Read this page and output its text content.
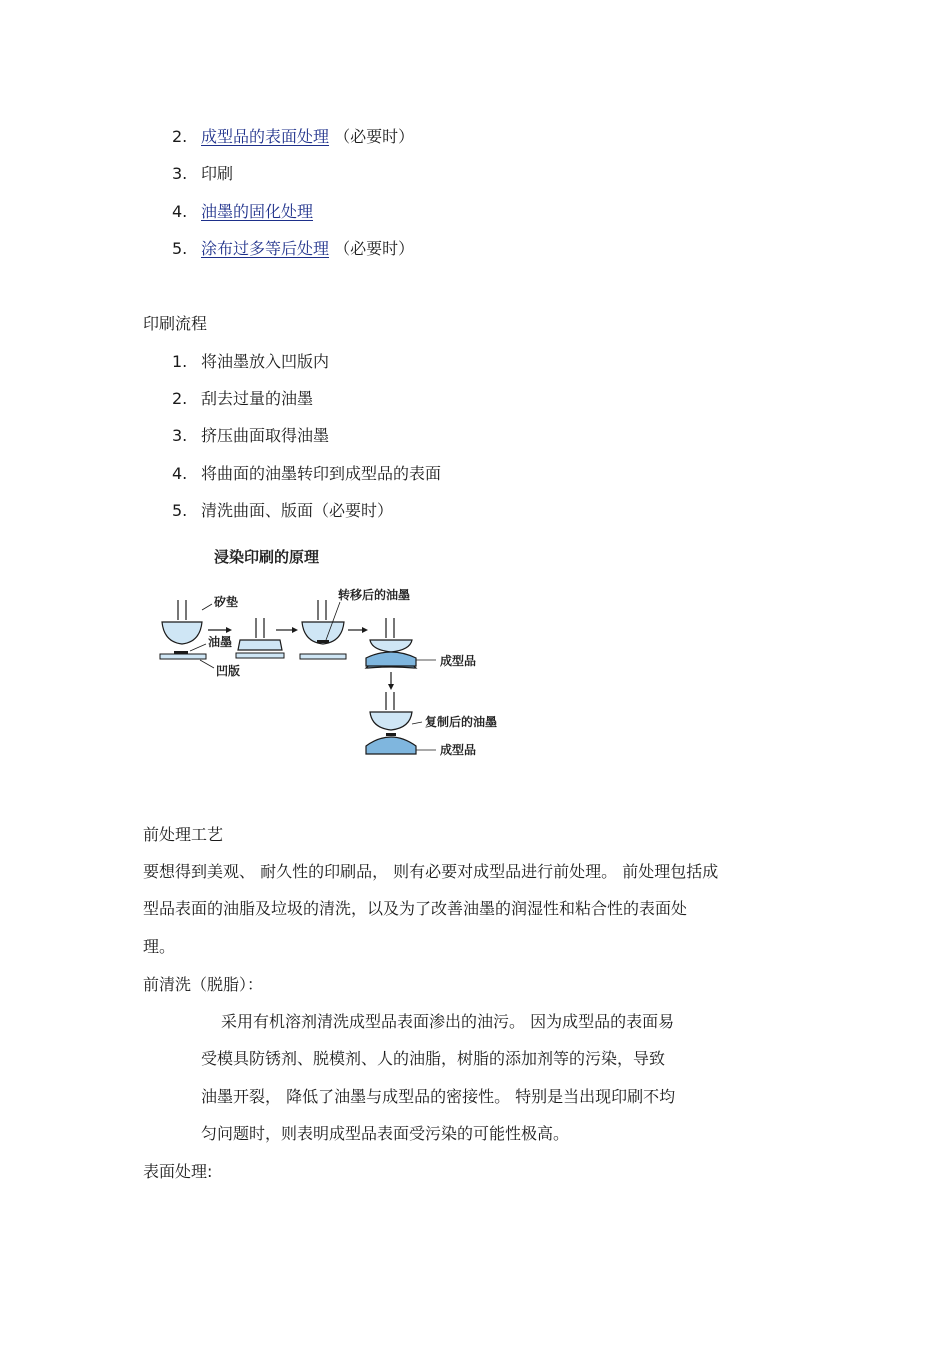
2. 成型品的表面处理 （必要时）
3. 印刷
4. 油墨的固化处理
5. 涂布过多等后处理 （必要时）
印刷流程
1. 将油墨放入凹版内
2. 刮去过量的油墨
3. 挤压曲面取得油墨
4. 将曲面的油墨转印到成型品的表面
5. 清洗曲面、版面（必要时）
浸染印刷的原理
矽垫
油墨
凹版
转移后的油墨
成型品
复制后的油墨
成型品
前处理工艺
要想得到美观、 耐久性的印刷品， 则有必要对成型品进行前处理。 前处理包括成
型品表面的油脂及垃圾的清洗，以及为了改善油墨的润湿性和粘合性的表面处
理。
前清洗（脱脂）：
采用有机溶剂清洗成型品表面渗出的油污。 因为成型品的表面易
受模具防锈剂、脱模剂、人的油脂，树脂的添加剂等的污染，导致
油墨开裂， 降低了油墨与成型品的密接性。 特别是当出现印刷不均
匀问题时，则表明成型品表面受污染的可能性极高。
表面处理:
